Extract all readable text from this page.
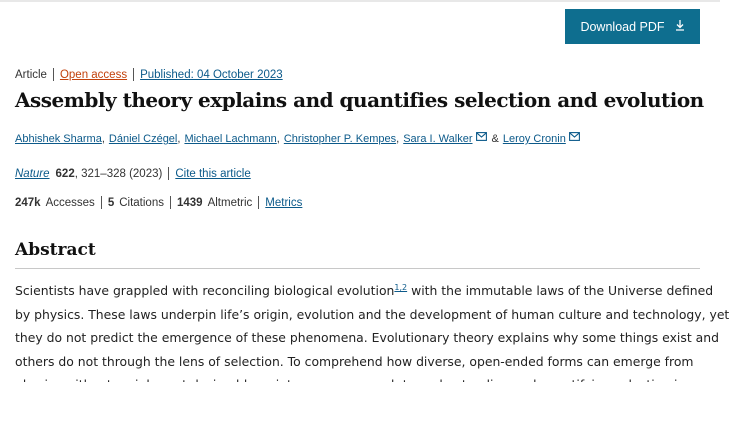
Download PDF
Article Open access Published: 04 October 2023
Assembly theory explains and quantifies selection and evolution
Abhishek Sharma , Dániel Czégel , Michael Lachmann , Christopher P. Kempes , Sara I. Walker & Leroy Cronin
Nature 622 , 321–328 (2023) Cite this article
247k Accesses 5 Citations 1439 Altmetric Metrics
Abstract
Scientists have grappled with reconciling biological evolution$^{1,2}$ with the immutable laws of the Universe defined
by physics. These laws underpin life’s origin, evolution and the development of human culture and technology, yet
they do not predict the emergence of these phenomena. Evolutionary theory explains why some things exist and
others do not through the lens of selection. To comprehend how diverse, open-ended forms can emerge from
